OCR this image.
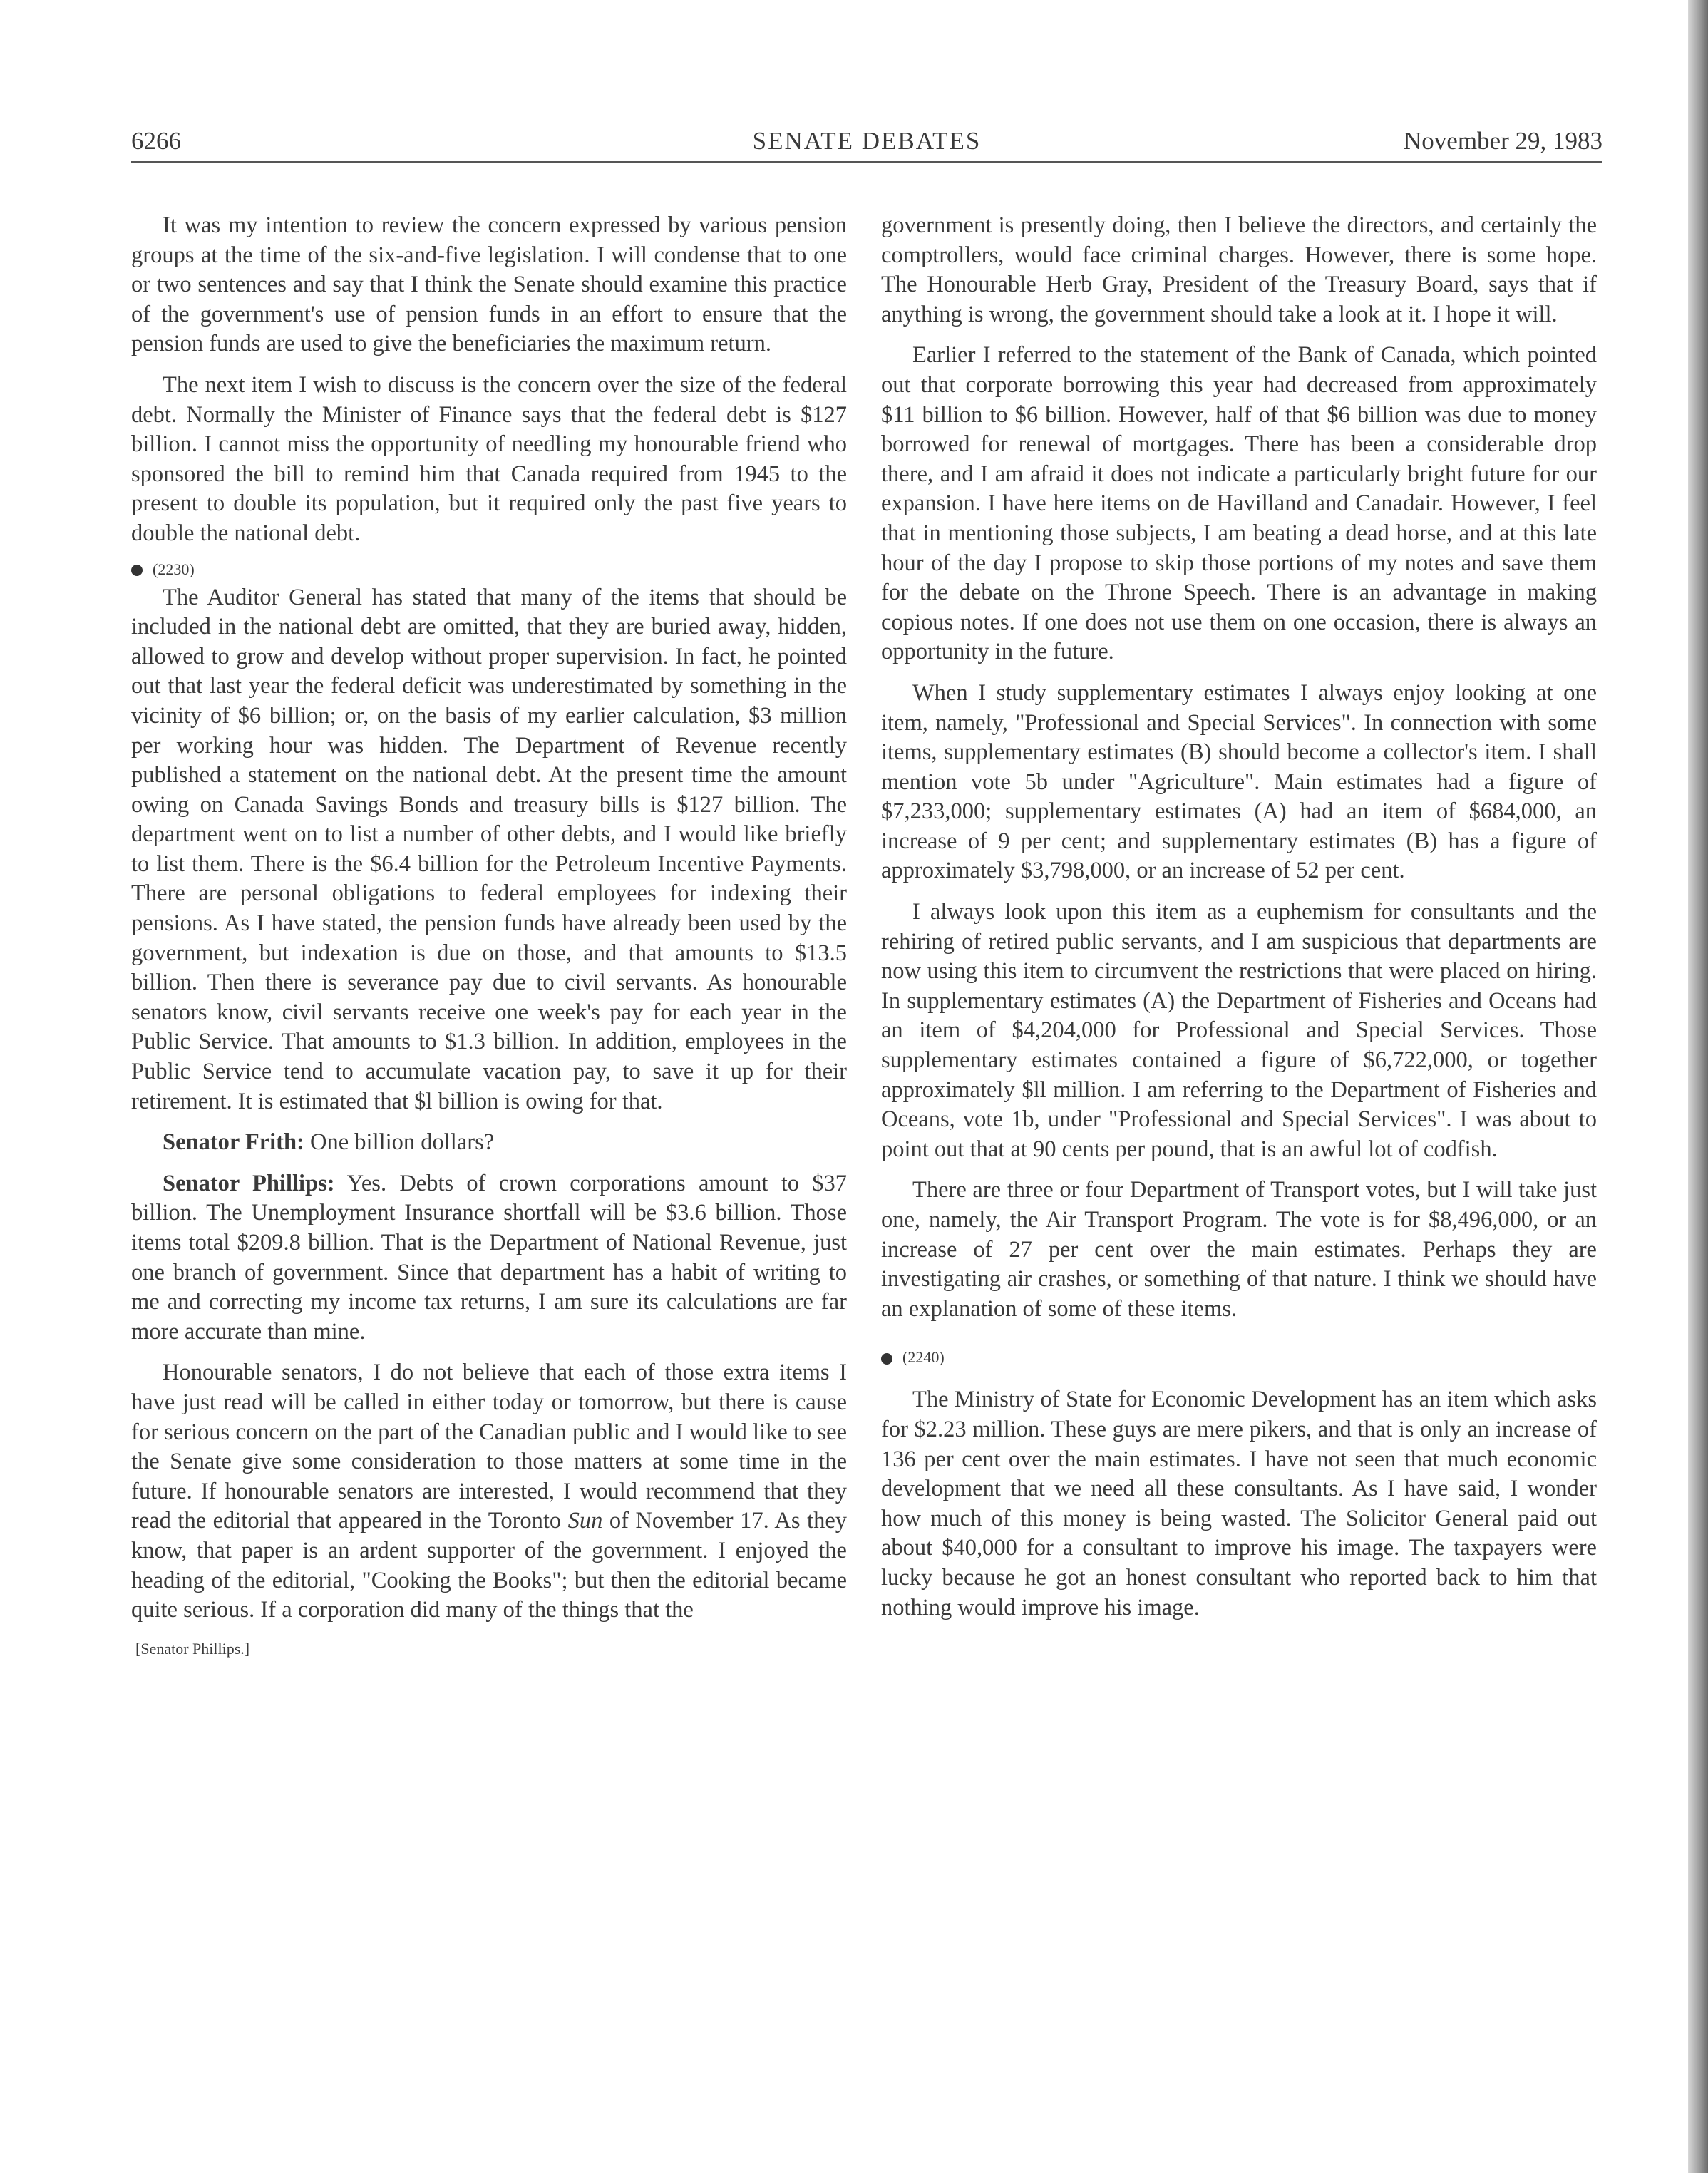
6266	SENATE DEBATES	November 29, 1983

It was my intention to review the concern expressed by various pension groups at the time of the six-and-five legislation. I will condense that to one or two sentences and say that I think the Senate should examine this practice of the government's use of pension funds in an effort to ensure that the pension funds are used to give the beneficiaries the maximum return.

The next item I wish to discuss is the concern over the size of the federal debt. Normally the Minister of Finance says that the federal debt is $127 billion. I cannot miss the opportunity of needling my honourable friend who sponsored the bill to remind him that Canada required from 1945 to the present to double its population, but it required only the past five years to double the national debt.

(2230)

The Auditor General has stated that many of the items that should be included in the national debt are omitted, that they are buried away, hidden, allowed to grow and develop without proper supervision. In fact, he pointed out that last year the federal deficit was underestimated by something in the vicinity of $6 billion; or, on the basis of my earlier calculation, $3 million per working hour was hidden. The Department of Revenue recently published a statement on the national debt. At the present time the amount owing on Canada Savings Bonds and treasury bills is $127 billion. The department went on to list a number of other debts, and I would like briefly to list them. There is the $6.4 billion for the Petroleum Incentive Payments. There are personal obligations to federal employees for indexing their pensions. As I have stated, the pension funds have already been used by the government, but indexation is due on those, and that amounts to $13.5 billion. Then there is severance pay due to civil servants. As honourable senators know, civil servants receive one week's pay for each year in the Public Service. That amounts to $1.3 billion. In addition, employees in the Public Service tend to accumulate vacation pay, to save it up for their retirement. It is estimated that $l billion is owing for that.

Senator Frith: One billion dollars?

Senator Phillips: Yes. Debts of crown corporations amount to $37 billion. The Unemployment Insurance shortfall will be $3.6 billion. Those items total $209.8 billion. That is the Department of National Revenue, just one branch of government. Since that department has a habit of writing to me and correcting my income tax returns, I am sure its calculations are far more accurate than mine.

Honourable senators, I do not believe that each of those extra items I have just read will be called in either today or tomorrow, but there is cause for serious concern on the part of the Canadian public and I would like to see the Senate give some consideration to those matters at some time in the future. If honourable senators are interested, I would recommend that they read the editorial that appeared in the Toronto Sun of November 17. As they know, that paper is an ardent supporter of the government. I enjoyed the heading of the editorial, "Cooking the Books"; but then the editorial became quite serious. If a corporation did many of the things that the

[Senator Phillips.]

government is presently doing, then I believe the directors, and certainly the comptrollers, would face criminal charges. However, there is some hope. The Honourable Herb Gray, President of the Treasury Board, says that if anything is wrong, the government should take a look at it. I hope it will.

Earlier I referred to the statement of the Bank of Canada, which pointed out that corporate borrowing this year had decreased from approximately $11 billion to $6 billion. However, half of that $6 billion was due to money borrowed for renewal of mortgages. There has been a considerable drop there, and I am afraid it does not indicate a particularly bright future for our expansion. I have here items on de Havilland and Canadair. However, I feel that in mentioning those subjects, I am beating a dead horse, and at this late hour of the day I propose to skip those portions of my notes and save them for the debate on the Throne Speech. There is an advantage in making copious notes. If one does not use them on one occasion, there is always an opportunity in the future.

When I study supplementary estimates I always enjoy looking at one item, namely, "Professional and Special Services". In connection with some items, supplementary estimates (B) should become a collector's item. I shall mention vote 5b under "Agriculture". Main estimates had a figure of $7,233,000; supplementary estimates (A) had an item of $684,000, an increase of 9 per cent; and supplementary estimates (B) has a figure of approximately $3,798,000, or an increase of 52 per cent.

I always look upon this item as a euphemism for consultants and the rehiring of retired public servants, and I am suspicious that departments are now using this item to circumvent the restrictions that were placed on hiring. In supplementary estimates (A) the Department of Fisheries and Oceans had an item of $4,204,000 for Professional and Special Services. Those supplementary estimates contained a figure of $6,722,000, or together approximately $ll million. I am referring to the Department of Fisheries and Oceans, vote 1b, under "Professional and Special Services". I was about to point out that at 90 cents per pound, that is an awful lot of codfish.

There are three or four Department of Transport votes, but I will take just one, namely, the Air Transport Program. The vote is for $8,496,000, or an increase of 27 per cent over the main estimates. Perhaps they are investigating air crashes, or something of that nature. I think we should have an explanation of some of these items.

(2240)

The Ministry of State for Economic Development has an item which asks for $2.23 million. These guys are mere pikers, and that is only an increase of 136 per cent over the main estimates. I have not seen that much economic development that we need all these consultants. As I have said, I wonder how much of this money is being wasted. The Solicitor General paid out about $40,000 for a consultant to improve his image. The taxpayers were lucky because he got an honest consultant who reported back to him that nothing would improve his image.
